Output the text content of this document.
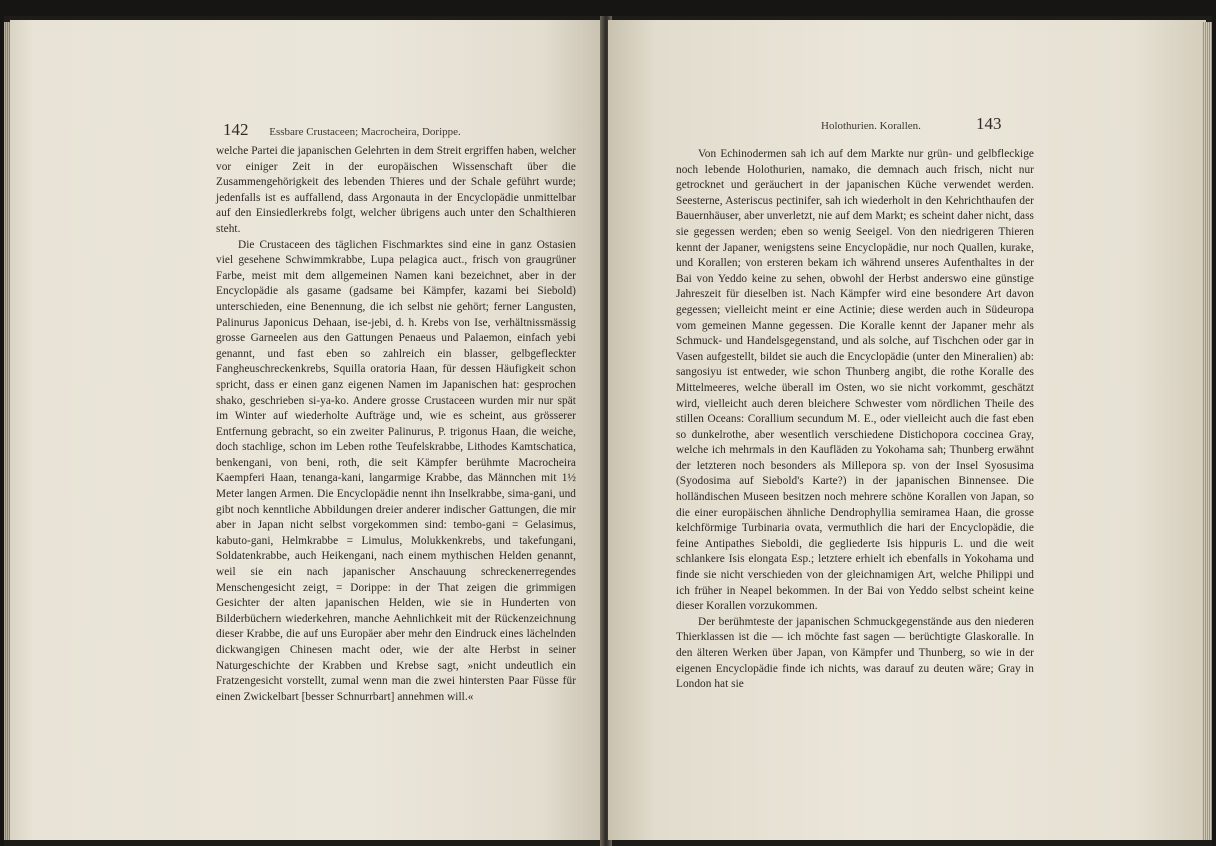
142 Essbare Crustaceen; Macrocheira, Dorippe.

welche Partei die japanischen Gelehrten in dem Streit ergriffen haben, welcher vor einiger Zeit in der europäischen Wissenschaft über die Zusammengehörigkeit des lebenden Thieres und der Schale geführt wurde; jedenfalls ist es auffallend, dass Argonauta in der Encyclopädie unmittelbar auf den Einsiedlerkrebs folgt, welcher übrigens auch unter den Schalthieren steht.

Die Crustaceen des täglichen Fischmarktes sind eine in ganz Ostasien viel gesehene Schwimmkrabbe, Lupa pelagica auct., frisch von graugrüner Farbe, meist mit dem allgemeinen Namen kani bezeichnet, aber in der Encyclopädie als gasame (gadsame bei Kämpfer, kazami bei Siebold) unterschieden, eine Benennung, die ich selbst nie gehört; ferner Langusten, Palinurus Japonicus Dehaan, ise-jebi, d. h. Krebs von Ise, verhältnissmässig grosse Garneelen aus den Gattungen Penaeus und Palaemon, einfach yebi genannt, und fast eben so zahlreich ein blasser, gelbgefleckter Fangheuschreckenkrebs, Squilla oratoria Haan, für dessen Häufigkeit schon spricht, dass er einen ganz eigenen Namen im Japanischen hat: gesprochen shako, geschrieben si-ya-ko. Andere grosse Crustaceen wurden mir nur spät im Winter auf wiederholte Aufträge und, wie es scheint, aus grösserer Entfernung gebracht, so ein zweiter Palinurus, P. trigonus Haan, die weiche, doch stachlige, schon im Leben rothe Teufelskrabbe, Lithodes Kamtschatica, benkengani, von beni, roth, die seit Kämpfer berühmte Macrocheira Kaempferi Haan, tenanga-kani, langarmige Krabbe, das Männchen mit 1½ Meter langen Armen. Die Encyclopädie nennt ihn Inselkrabbe, sima-gani, und gibt noch kenntliche Abbildungen dreier anderer indischer Gattungen, die mir aber in Japan nicht selbst vorgekommen sind: tembo-gani = Gelasimus, kabuto-gani, Helmkrabbe = Limulus, Molukkenkrebs, und takefungani, Soldatenkrabbe, auch Heikengani, nach einem mythischen Helden genannt, weil sie ein nach japanischer Anschauung schreckenerregendes Menschengesicht zeigt, = Dorippe: in der That zeigen die grimmigen Gesichter der alten japanischen Helden, wie sie in Hunderten von Bilderbüchern wiederkehren, manche Aehnlichkeit mit der Rückenzeichnung dieser Krabbe, die auf uns Europäer aber mehr den Eindruck eines lächelnden dickwangigen Chinesen macht oder, wie der alte Herbst in seiner Naturgeschichte der Krabben und Krebse sagt, »nicht undeutlich ein Fratzengesicht vorstellt, zumal wenn man die zwei hintersten Paar Füsse für einen Zwickelbart [besser Schnurrbart] annehmen will.«

Holothurien. Korallen.	143

Von Echinodermen sah ich auf dem Markte nur grün- und gelbfleckige noch lebende Holothurien, namako, die demnach auch frisch, nicht nur getrocknet und geräuchert in der japanischen Küche verwendet werden. Seesterne, Asteriscus pectinifer, sah ich wiederholt in den Kehrichthaufen der Bauernhäuser, aber unverletzt, nie auf dem Markt; es scheint daher nicht, dass sie gegessen werden; eben so wenig Seeigel. Von den niedrigeren Thieren kennt der Japaner, wenigstens seine Encyclopädie, nur noch Quallen, kurake, und Korallen; von ersteren bekam ich während unseres Aufenthaltes in der Bai von Yeddo keine zu sehen, obwohl der Herbst anderswo eine günstige Jahreszeit für dieselben ist. Nach Kämpfer wird eine besondere Art davon gegessen; vielleicht meint er eine Actinie; diese werden auch in Südeuropa vom gemeinen Manne gegessen. Die Koralle kennt der Japaner mehr als Schmuck- und Handelsgegenstand, und als solche, auf Tischchen oder gar in Vasen aufgestellt, bildet sie auch die Encyclopädie (unter den Mineralien) ab: sangosiyu ist entweder, wie schon Thunberg angibt, die rothe Koralle des Mittelmeeres, welche überall im Osten, wo sie nicht vorkommt, geschätzt wird, vielleicht auch deren bleichere Schwester vom nördlichen Theile des stillen Oceans: Corallium secundum M. E., oder vielleicht auch die fast eben so dunkelrothe, aber wesentlich verschiedene Distichopora coccinea Gray, welche ich mehrmals in den Kaufläden zu Yokohama sah; Thunberg erwähnt der letzteren noch besonders als Millepora sp. von der Insel Syosusima (Syodosima auf Siebold's Karte?) in der japanischen Binnensee. Die holländischen Museen besitzen noch mehrere schöne Korallen von Japan, so die einer europäischen ähnliche Dendrophyllia semiramea Haan, die grosse kelchförmige Turbinaria ovata, vermuthlich die hari der Encyclopädie, die feine Antipathes Sieboldi, die gegliederte Isis hippuris L. und die weit schlankere Isis elongata Esp.; letztere erhielt ich ebenfalls in Yokohama und finde sie nicht verschieden von der gleichnamigen Art, welche Philippi und ich früher in Neapel bekommen. In der Bai von Yeddo selbst scheint keine dieser Korallen vorzukommen.

Der berühmteste der japanischen Schmuckgegenstände aus den niederen Thierklassen ist die — ich möchte fast sagen — berüchtigte Glaskoralle. In den älteren Werken über Japan, von Kämpfer und Thunberg, so wie in der eigenen Encyclopädie finde ich nichts, was darauf zu deuten wäre; Gray in London hat sie
